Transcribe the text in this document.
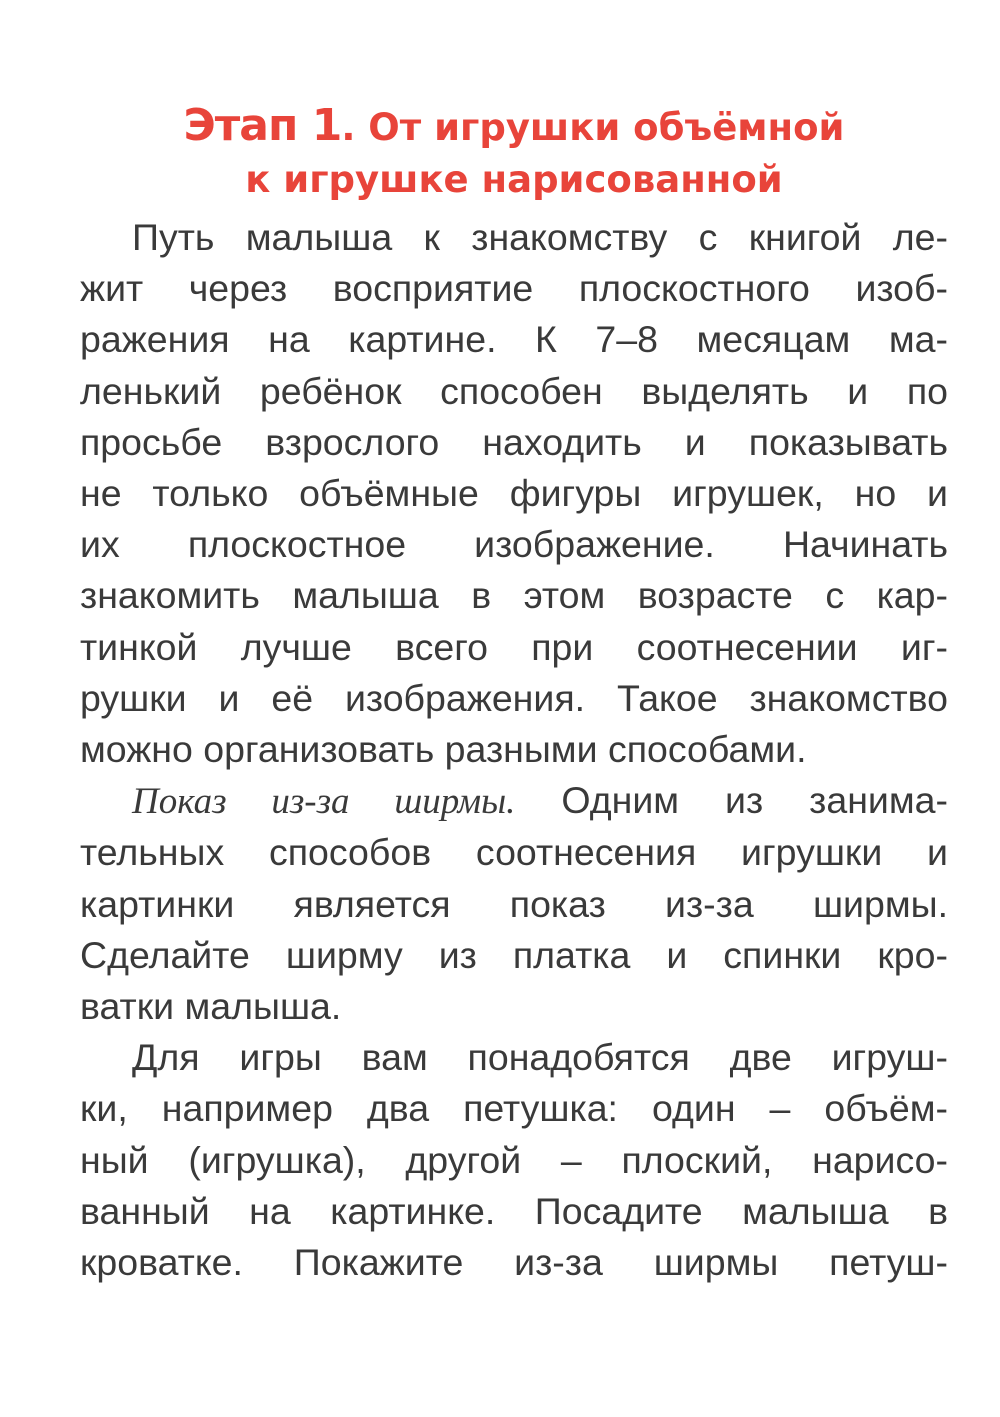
Этап 1. От игрушки объёмной
к игрушке нарисованной
Путь малыша к знакомству с книгой ле-
жит через восприятие плоскостного изоб-
ражения на картине. К 7–8 месяцам ма-
ленький ребёнок способен выделять и по
просьбе взрослого находить и показывать
не только объёмные фигуры игрушек, но и
их плоскостное изображение. Начинать
знакомить малыша в этом возрасте с кар-
тинкой лучше всего при соотнесении иг-
рушки и её изображения. Такое знакомство
можно организовать разными способами.
Показ из-за ширмы. Одним из занима-
тельных способов соотнесения игрушки и
картинки является показ из-за ширмы.
Сделайте ширму из платка и спинки кро-
ватки малыша.
Для игры вам понадобятся две игруш-
ки, например два петушка: один – объём-
ный (игрушка), другой – плоский, нарисо-
ванный на картинке. Посадите малыша в
кроватке. Покажите из-за ширмы петуш-
